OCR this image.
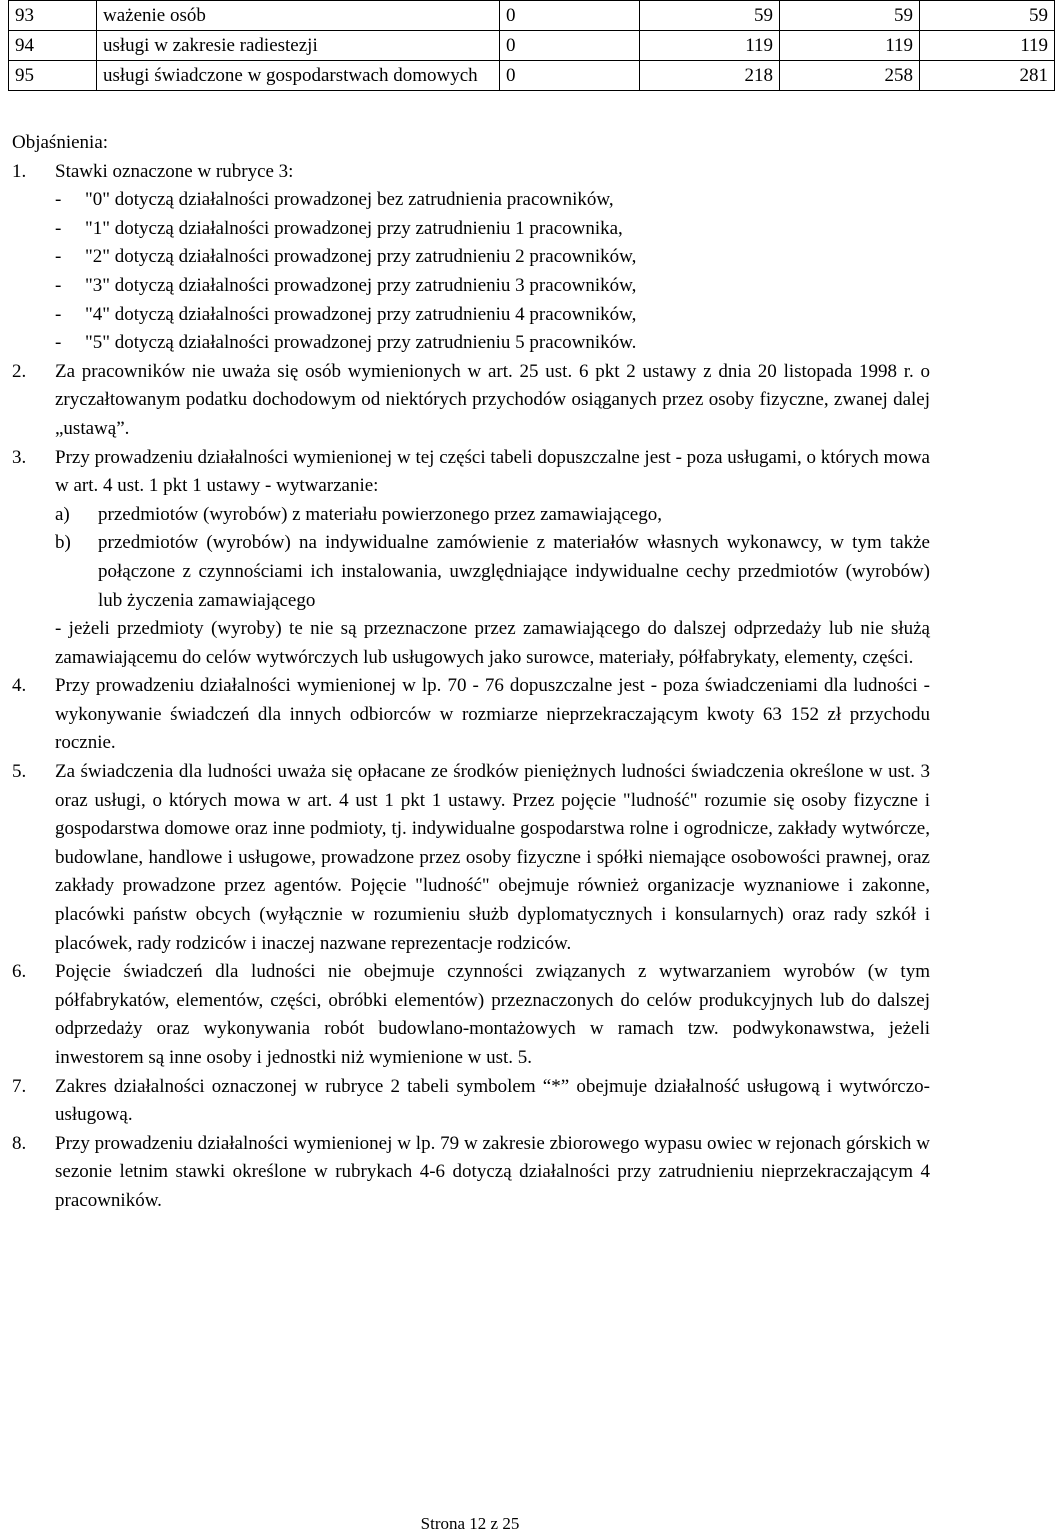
93	ważenie osób	0	59	59	59
94	usługi w zakresie radiestezji	0	119	119	119
95	usługi świadczone w gospodarstwach domowych	0	218	258	281
Objaśnienia:
1.	Stawki oznaczone w rubryce 3:
-	"0" dotyczą działalności prowadzonej bez zatrudnienia pracowników,
-	"1" dotyczą działalności prowadzonej przy zatrudnieniu 1 pracownika,
-	"2" dotyczą działalności prowadzonej przy zatrudnieniu 2 pracowników,
-	"3" dotyczą działalności prowadzonej przy zatrudnieniu 3 pracowników,
-	"4" dotyczą działalności prowadzonej przy zatrudnieniu 4 pracowników,
-	"5" dotyczą działalności prowadzonej przy zatrudnieniu 5 pracowników.
2.	Za pracowników nie uważa się osób wymienionych w art. 25 ust. 6 pkt 2 ustawy z dnia 20 listopada 1998 r. o zryczałtowanym podatku dochodowym od niektórych przychodów osiąganych przez osoby fizyczne, zwanej dalej „ustawą”.
3.	Przy prowadzeniu działalności wymienionej w tej części tabeli dopuszczalne jest - poza usługami, o których mowa w art. 4 ust. 1 pkt 1 ustawy - wytwarzanie:

a)	przedmiotów (wyrobów) z materiału powierzonego przez zamawiającego,
b)	przedmiotów (wyrobów) na indywidualne zamówienie z materiałów własnych wykonawcy, w tym także połączone z czynnościami ich instalowania, uwzględniające indywidualne cechy przedmiotów (wyrobów) lub życzenia zamawiającego

- jeżeli przedmioty (wyroby) te nie są przeznaczone przez zamawiającego do dalszej odprzedaży lub nie służą zamawiającemu do celów wytwórczych lub usługowych jako surowce, materiały, półfabrykaty, elementy, części.

4.	Przy prowadzeniu działalności wymienionej w lp. 70 - 76 dopuszczalne jest - poza świadczeniami dla ludności - wykonywanie świadczeń dla innych odbiorców w rozmiarze nieprzekraczającym kwoty 63 152 zł przychodu rocznie.
5.	Za świadczenia dla ludności uważa się opłacane ze środków pieniężnych ludności świadczenia określone w ust. 3 oraz usługi, o których mowa w art. 4 ust 1 pkt 1 ustawy. Przez pojęcie "ludność" rozumie się osoby fizyczne i gospodarstwa domowe oraz inne podmioty, tj. indywidualne gospodarstwa rolne i ogrodnicze, zakłady wytwórcze, budowlane, handlowe i usługowe, prowadzone przez osoby fizyczne i spółki niemające osobowości prawnej, oraz zakłady prowadzone przez agentów. Pojęcie "ludność" obejmuje również organizacje wyznaniowe i zakonne, placówki państw obcych (wyłącznie w rozumieniu służb dyplomatycznych i konsularnych) oraz rady szkół i placówek, rady rodziców i inaczej nazwane reprezentacje rodziców.
6.	Pojęcie świadczeń dla ludności nie obejmuje czynności związanych z wytwarzaniem wyrobów (w tym półfabrykatów, elementów, części, obróbki elementów) przeznaczonych do celów produkcyjnych lub do dalszej odprzedaży oraz wykonywania robót budowlano-montażowych w ramach tzw. podwykonawstwa, jeżeli inwestorem są inne osoby i jednostki niż wymienione w ust. 5.
7.	Zakres działalności oznaczonej w rubryce 2 tabeli symbolem “*” obejmuje działalność usługową i wytwórczo-usługową.
8.	Przy prowadzeniu działalności wymienionej w lp. 79 w zakresie zbiorowego wypasu owiec w rejonach górskich w sezonie letnim stawki określone w rubrykach 4-6 dotyczą działalności przy zatrudnieniu nieprzekraczającym 4 pracowników.
Strona 12 z 25
